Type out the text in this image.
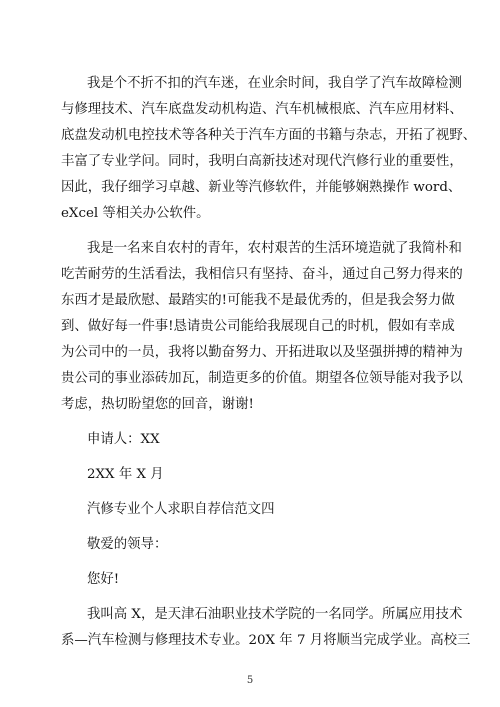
我是个不折不扣的汽车迷，在业余时间，我自学了汽车故障检测
与修理技术、汽车底盘发动机构造、汽车机械根底、汽车应用材料、
底盘发动机电控技术等各种关于汽车方面的书籍与杂志，开拓了视野、
丰富了专业学问。同时，我明白高新技述对现代汽修行业的重要性，
因此，我仔细学习卓越、新业等汽修软件，并能够娴熟操作 word、
eXcel 等相关办公软件。
我是一名来自农村的青年，农村艰苦的生活环境造就了我简朴和
吃苦耐劳的生活看法，我相信只有坚持、奋斗，通过自己努力得来的
东西才是最欣慰、最踏实的!可能我不是最优秀的，但是我会努力做
到、做好每一件事!恳请贵公司能给我展现自己的时机，假如有幸成
为公司中的一员，我将以勤奋努力、开拓进取以及坚强拼搏的精神为
贵公司的事业添砖加瓦，制造更多的价值。期望各位领导能对我予以
考虑，热切盼望您的回音，谢谢!
申请人：XX
2XX 年 X 月
汽修专业个人求职自荐信范文四
敬爱的领导：
您好!
我叫高 X，是天津石油职业技术学院的一名同学。所属应用技术
系—汽车检测与修理技术专业。20X 年 7 月将顺当完成学业。高校三
5
